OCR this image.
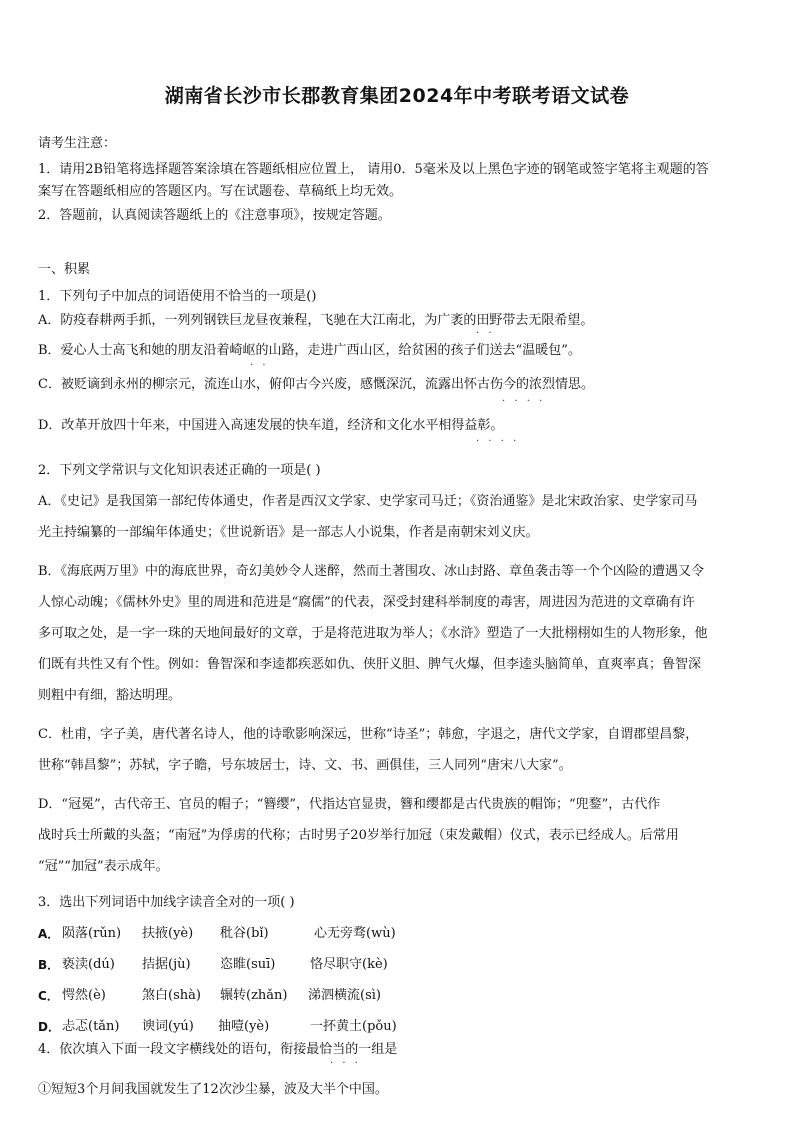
湖南省长沙市长郡教育集团2024年中考联考语文试卷
请考生注意：
1．请用2B铅笔将选择题答案涂填在答题纸相应位置上， 请用0．5毫米及以上黑色字迹的钢笔或签字笔将主观题的答
案写在答题纸相应的答题区内。写在试题卷、草稿纸上均无效。
2．答题前，认真阅读答题纸上的《注意事项》，按规定答题。
一、积累
1．下列句子中加点的词语使用不恰当的一项是()
A．防疫春耕两手抓，一列列钢铁巨龙昼夜兼程，飞驰在大江南北，为广袤的田野带去无限希望。
· ·
B．爱心人士高飞和她的朋友沿着崎岖的山路，走进广西山区，给贫困的孩子们送去“温暖包”。
· ·
C．被贬谪到永州的柳宗元，流连山水，俯仰古今兴废，感慨深沉，流露出怀古伤今的浓烈情思。
· · · ·
D．改革开放四十年来，中国进入高速发展的快车道，经济和文化水平相得益彰。
· · · ·
2．下列文学常识与文化知识表述正确的一项是( )
A．《史记》是我国第一部纪传体通史，作者是西汉文学家、史学家司马迁；《资治通鉴》是北宋政治家、史学家司马
光主持编纂的一部编年体通史；《世说新语》是一部志人小说集，作者是南朝宋刘义庆。
B．《海底两万里》中的海底世界，奇幻美妙令人迷醉，然而土著围攻、冰山封路、章鱼袭击等一个个凶险的遭遇又令
人惊心动魄；《儒林外史》里的周进和范进是“腐儒”的代表，深受封建科举制度的毒害，周进因为范进的文章确有许
多可取之处，是一字一珠的天地间最好的文章，于是将范进取为举人；《水浒》塑造了一大批栩栩如生的人物形象，他
们既有共性又有个性。例如：鲁智深和李逵都疾恶如仇、侠肝义胆、脾气火爆，但李逵头脑简单，直爽率真；鲁智深
则粗中有细，豁达明理。
C．杜甫，字子美，唐代著名诗人，他的诗歌影响深远，世称“诗圣”；韩愈，字退之，唐代文学家，自谓郡望昌黎，
世称“韩昌黎”；苏轼，字子瞻，号东坡居士，诗、文、书、画俱佳，三人同列“唐宋八大家”。
D．“冠冕”，古代帝王、官员的帽子；“簪缨”，代指达官显贵，簪和缨都是古代贵族的帽饰；“兜鍪”，古代作
战时兵士所戴的头盔；“南冠”为俘虏的代称；古时男子20岁举行加冠（束发戴帽）仪式，表示已经成人。后常用
“冠”“加冠”表示成年。
3．选出下列词语中加线字读音全对的一项( )
A． 陨落(rǔn) 扶掖(yè) 秕谷(bǐ)	心无旁骛(wù)
B． 亵渎(dú) 拮据(jù) 恣睢(suī)	恪尽职守(kè)
C． 愕然(è)	煞白(shà) 辗转(zhǎn) 涕泗横流(sì)
D． 忐忑(tǎn) 谀词(yú) 抽噎(yè)	一抔黄土(pǒu)
4．依次填入下面一段文字横线处的语句，衔接最恰当的一组是
· · ·
①短短3个月间我国就发生了12次沙尘暴，波及大半个中国。
